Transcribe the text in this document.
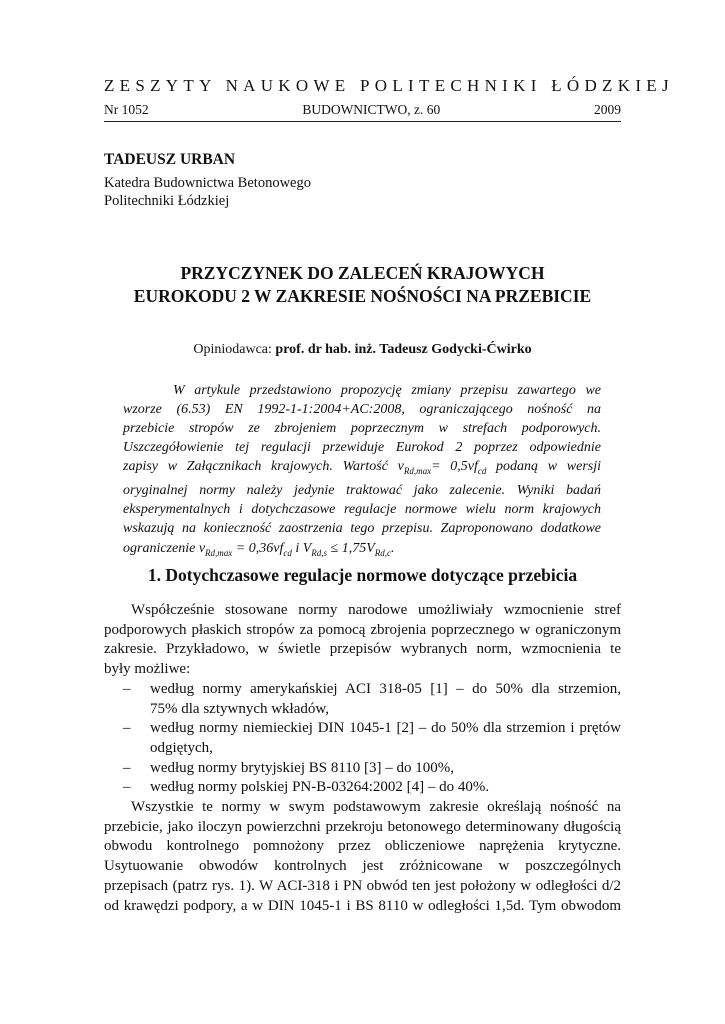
ZESZYTY NAUKOWE POLITECHNIKI ŁÓDZKIEJ
Nr 1052	BUDOWNICTWO, z. 60	2009
TADEUSZ URBAN
Katedra Budownictwa Betonowego
Politechniki Łódzkiej
PRZYCZYNEK DO ZALECEŃ KRAJOWYCH
EUROKODU 2 W ZAKRESIE NOŚNOŚCI NA PRZEBICIE
Opiniodawca: prof. dr hab. inż. Tadeusz Godycki-Ćwirko
W artykule przedstawiono propozycję zmiany przepisu zawartego we
wzorze (6.53) EN 1992-1-1:2004+AC:2008, ograniczającego nośność na
przebicie stropów ze zbrojeniem poprzecznym w strefach podporowych.
Uszczegółowienie tej regulacji przewiduje Eurokod 2 poprzez odpowiednie
zapisy w Załącznikach krajowych. Wartość $v_{Rd,max}= 0,5vf_{cd}$ podaną w wersji
oryginalnej normy należy jedynie traktować jako zalecenie. Wyniki badań
eksperymentalnych i dotychczasowe regulacje normowe wielu norm krajowych
wskazują na konieczność zaostrzenia tego przepisu. Zaproponowano dodatkowe
ograniczenie $v_{Rd,max} = 0,36vf_{cd}$ i $V_{Rd,s} \le 1,75V_{Rd,c}$.
1. Dotychczasowe regulacje normowe dotyczące przebicia
Współcześnie stosowane normy narodowe umożliwiały wzmocnienie stref
podporowych płaskich stropów za pomocą zbrojenia poprzecznego w ograniczonym
zakresie. Przykładowo, w świetle przepisów wybranych norm, wzmocnienia te
były możliwe:
–	według normy amerykańskiej ACI 318-05 [1] – do 50% dla strzemion,
75% dla sztywnych wkładów,
–	według normy niemieckiej DIN 1045-1 [2] – do 50% dla strzemion i prętów
odgiętych,
–	według normy brytyjskiej BS 8110 [3] – do 100%,
–	według normy polskiej PN-B-03264:2002 [4] – do 40%.
Wszystkie te normy w swym podstawowym zakresie określają nośność na
przebicie, jako iloczyn powierzchni przekroju betonowego determinowany długością
obwodu kontrolnego pomnożony przez obliczeniowe naprężenia krytyczne.
Usytuowanie obwodów kontrolnych jest zróżnicowane w poszczególnych
przepisach (patrz rys. 1). W ACI-318 i PN obwód ten jest położony w odległości d/2
od krawędzi podpory, a w DIN 1045-1 i BS 8110 w odległości 1,5d. Tym obwodom
